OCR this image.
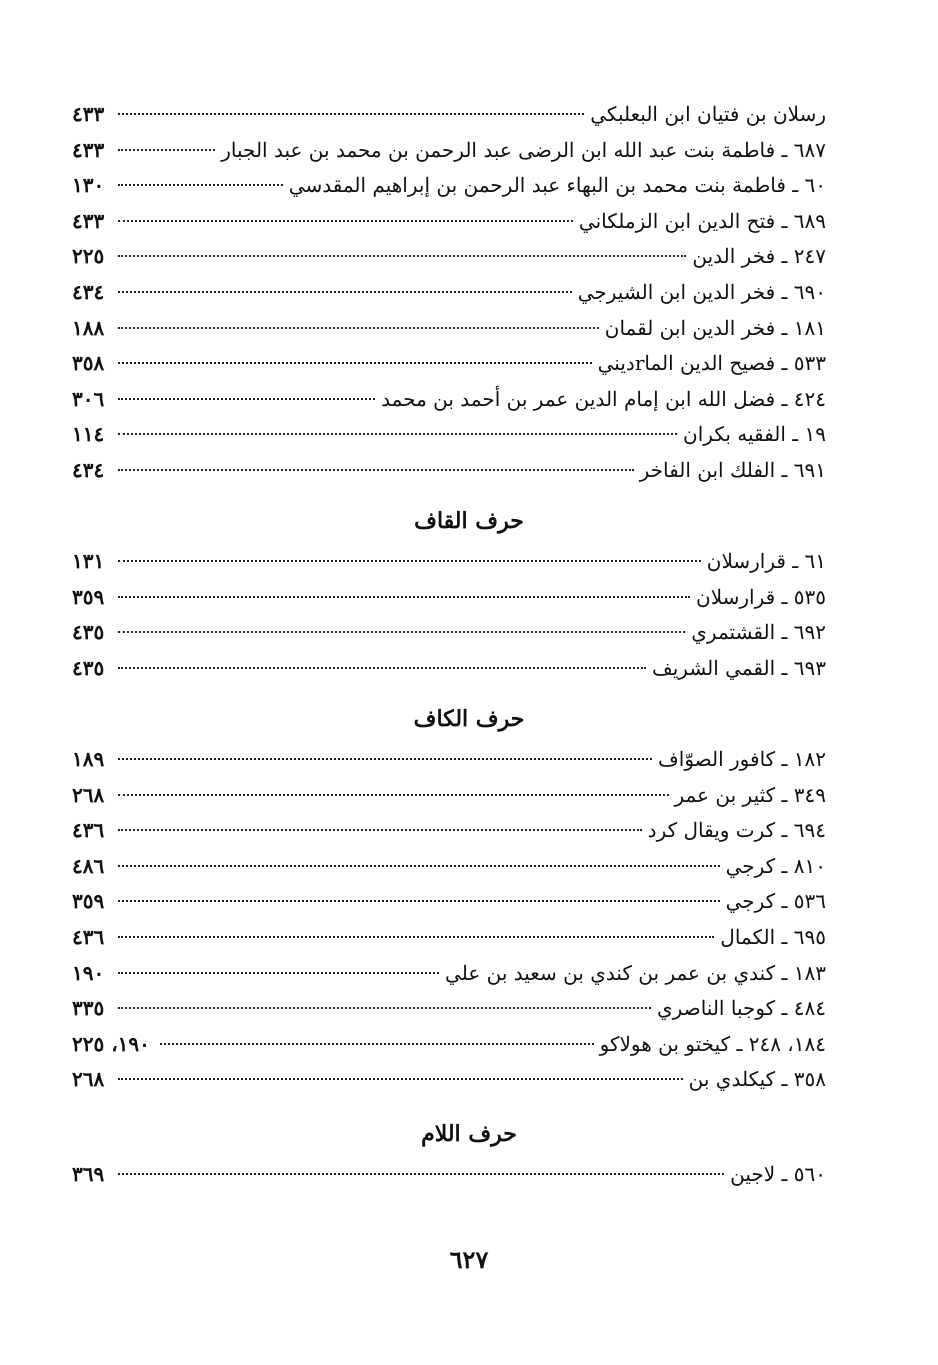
رسلان بن فتيان ابن البعلبكي
٤٣٣
٦٨٧ ـ فاطمة بنت عبد الله ابن الرضى عبد الرحمن بن محمد بن عبد الجبار
٤٣٣
٦٠ ـ فاطمة بنت محمد بن البهاء عبد الرحمن بن إبراهيم المقدسي
١٣٠
٦٨٩ ـ فتح الدين ابن الزملكاني
٤٣٣
٢٤٧ ـ فخر الدين
٢٢٥
٦٩٠ ـ فخر الدين ابن الشيرجي
٤٣٤
١٨١ ـ فخر الدين ابن لقمان
١٨٨
٥٣٣ ـ فصيح الدين الماrديني
٣٥٨
٤٢٤ ـ فضل الله ابن إمام الدين عمر بن أحمد بن محمد
٣٠٦
١٩ ـ الفقيه بكران
١١٤
٦٩١ ـ الفلك ابن الفاخر
٤٣٤
حرف القاف
٦١ ـ قرارسلان
١٣١
٥٣٥ ـ قرارسلان
٣٥٩
٦٩٢ ـ القشتمري
٤٣٥
٦٩٣ ـ القمي الشريف
٤٣٥
حرف الكاف
١٨٢ ـ كافور الصوّاف
١٨٩
٣٤٩ ـ كثير بن عمر
٢٦٨
٦٩٤ ـ كرت ويقال كرد
٤٣٦
٨١٠ ـ كرجي
٤٨٦
٥٣٦ ـ كرجي
٣٥٩
٦٩٥ ـ الكمال
٤٣٦
١٨٣ ـ كندي بن عمر بن كندي بن سعيد بن علي
١٩٠
٤٨٤ ـ كوجبا الناصري
٣٣٥
١٨٤، ٢٤٨ ـ كيختو بن هولاكو
١٩٠، ٢٢٥
٣٥٨ ـ كيكلدي بن
٢٦٨
حرف اللام
٥٦٠ ـ لاجين
٣٦٩
٦٢٧
